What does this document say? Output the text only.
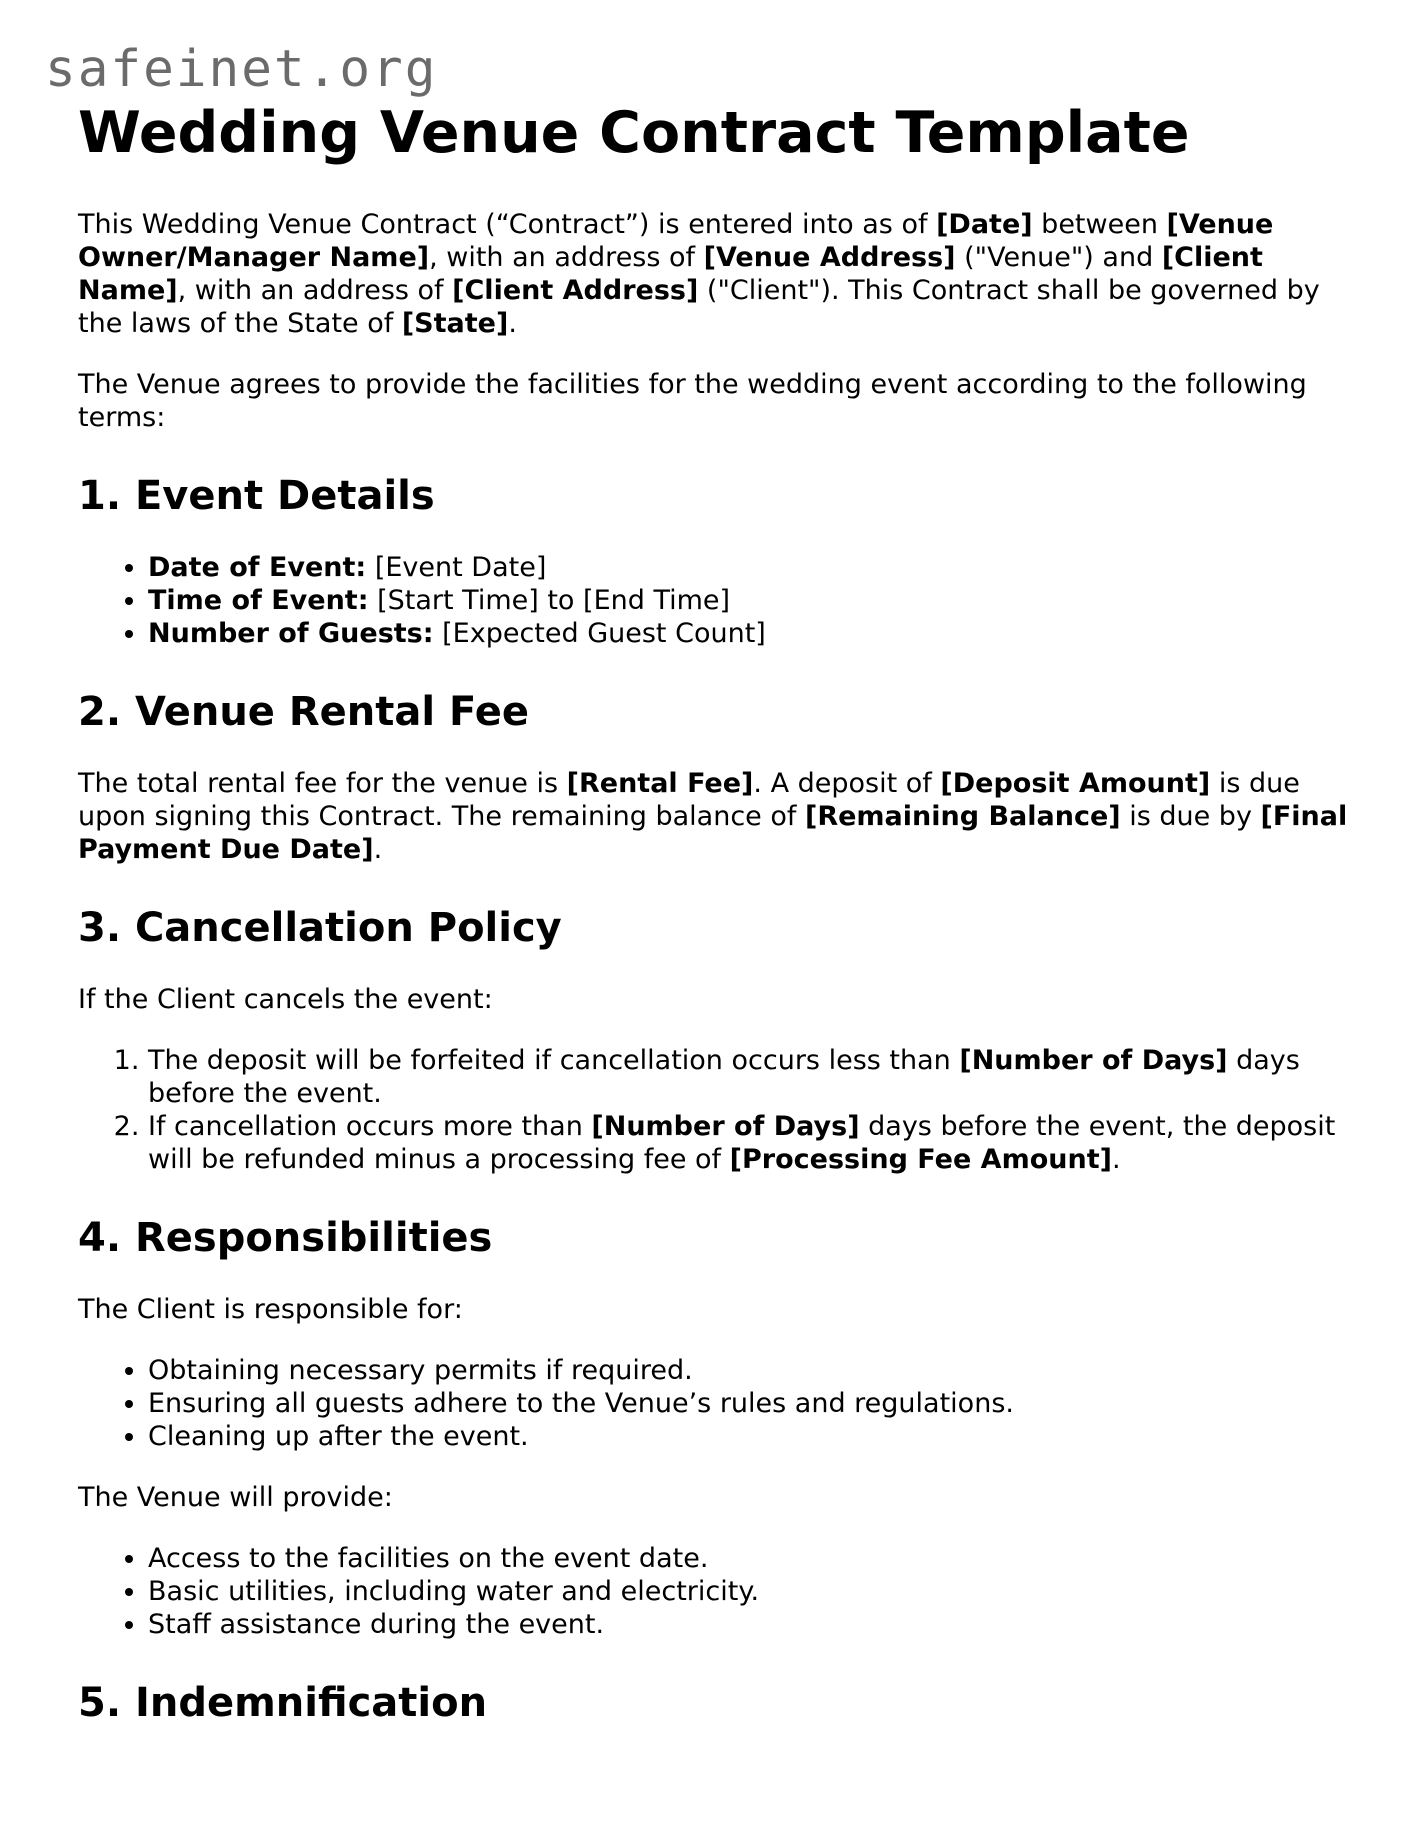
safeinet.org
Wedding Venue Contract Template

This Wedding Venue Contract (“Contract”) is entered into as of [Date] between [Venue Owner/Manager Name], with an address of [Venue Address] ("Venue") and [Client Name], with an address of [Client Address] ("Client"). This Contract shall be governed by the laws of the State of [State].

The Venue agrees to provide the facilities for the wedding event according to the following terms:

1. Event Details
• Date of Event: [Event Date]
• Time of Event: [Start Time] to [End Time]
• Number of Guests: [Expected Guest Count]
2. Venue Rental Fee

The total rental fee for the venue is [Rental Fee]. A deposit of [Deposit Amount] is due upon signing this Contract. The remaining balance of [Remaining Balance] is due by [Final Payment Due Date].

3. Cancellation Policy

If the Client cancels the event:

1. The deposit will be forfeited if cancellation occurs less than [Number of Days] days before the event.
2. If cancellation occurs more than [Number of Days] days before the event, the deposit will be refunded minus a processing fee of [Processing Fee Amount].
4. Responsibilities

The Client is responsible for:

• Obtaining necessary permits if required.
• Ensuring all guests adhere to the Venue’s rules and regulations.
• Cleaning up after the event.

The Venue will provide:

• Access to the facilities on the event date.
• Basic utilities, including water and electricity.
• Staff assistance during the event.
5. Indemnification
